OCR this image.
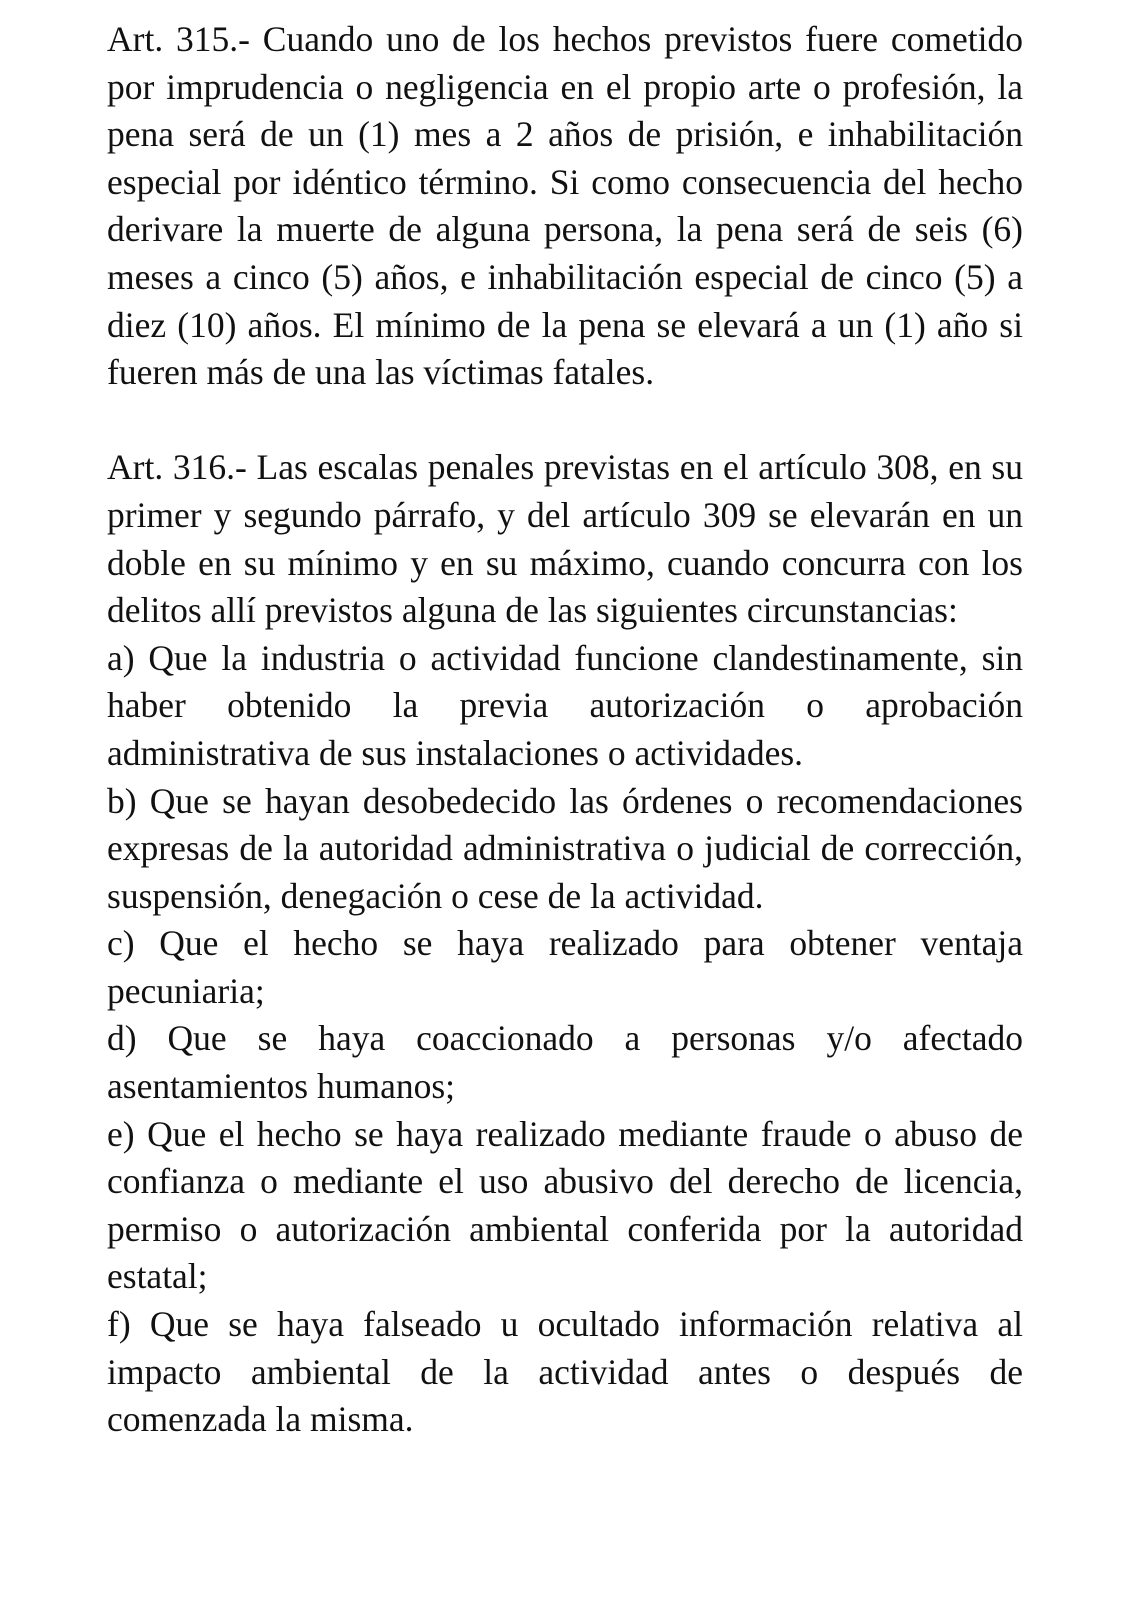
Art. 315.- Cuando uno de los hechos previstos fuere cometido por imprudencia o negligencia en el propio arte o profesión, la pena será de un (1) mes a 2 años de prisión, e inhabilitación especial por idéntico término. Si como consecuencia del hecho derivare la muerte de alguna persona, la pena será de seis (6) meses a cinco (5) años, e inhabilitación especial de cinco (5) a diez (10) años. El mínimo de la pena se elevará a un (1) año si fueren más de una las víctimas fatales.

Art. 316.- Las escalas penales previstas en el artículo 308, en su primer y segundo párrafo, y del artículo 309 se elevarán en un doble en su mínimo y en su máximo, cuando concurra con los delitos allí previstos alguna de las siguientes circunstancias:

a) Que la industria o actividad funcione clandestinamente, sin haber obtenido la previa autorización o aprobación administrativa de sus instalaciones o actividades.

b) Que se hayan desobedecido las órdenes o recomendaciones expresas de la autoridad administrativa o judicial de corrección, suspensión, denegación o cese de la actividad.

c) Que el hecho se haya realizado para obtener ventaja pecuniaria;

d) Que se haya coaccionado a personas y/o afectado asentamientos humanos;

e) Que el hecho se haya realizado mediante fraude o abuso de confianza o mediante el uso abusivo del derecho de licencia, permiso o autorización ambiental conferida por la autoridad estatal;

f) Que se haya falseado u ocultado información relativa al impacto ambiental de la actividad antes o después de comenzada la misma.
